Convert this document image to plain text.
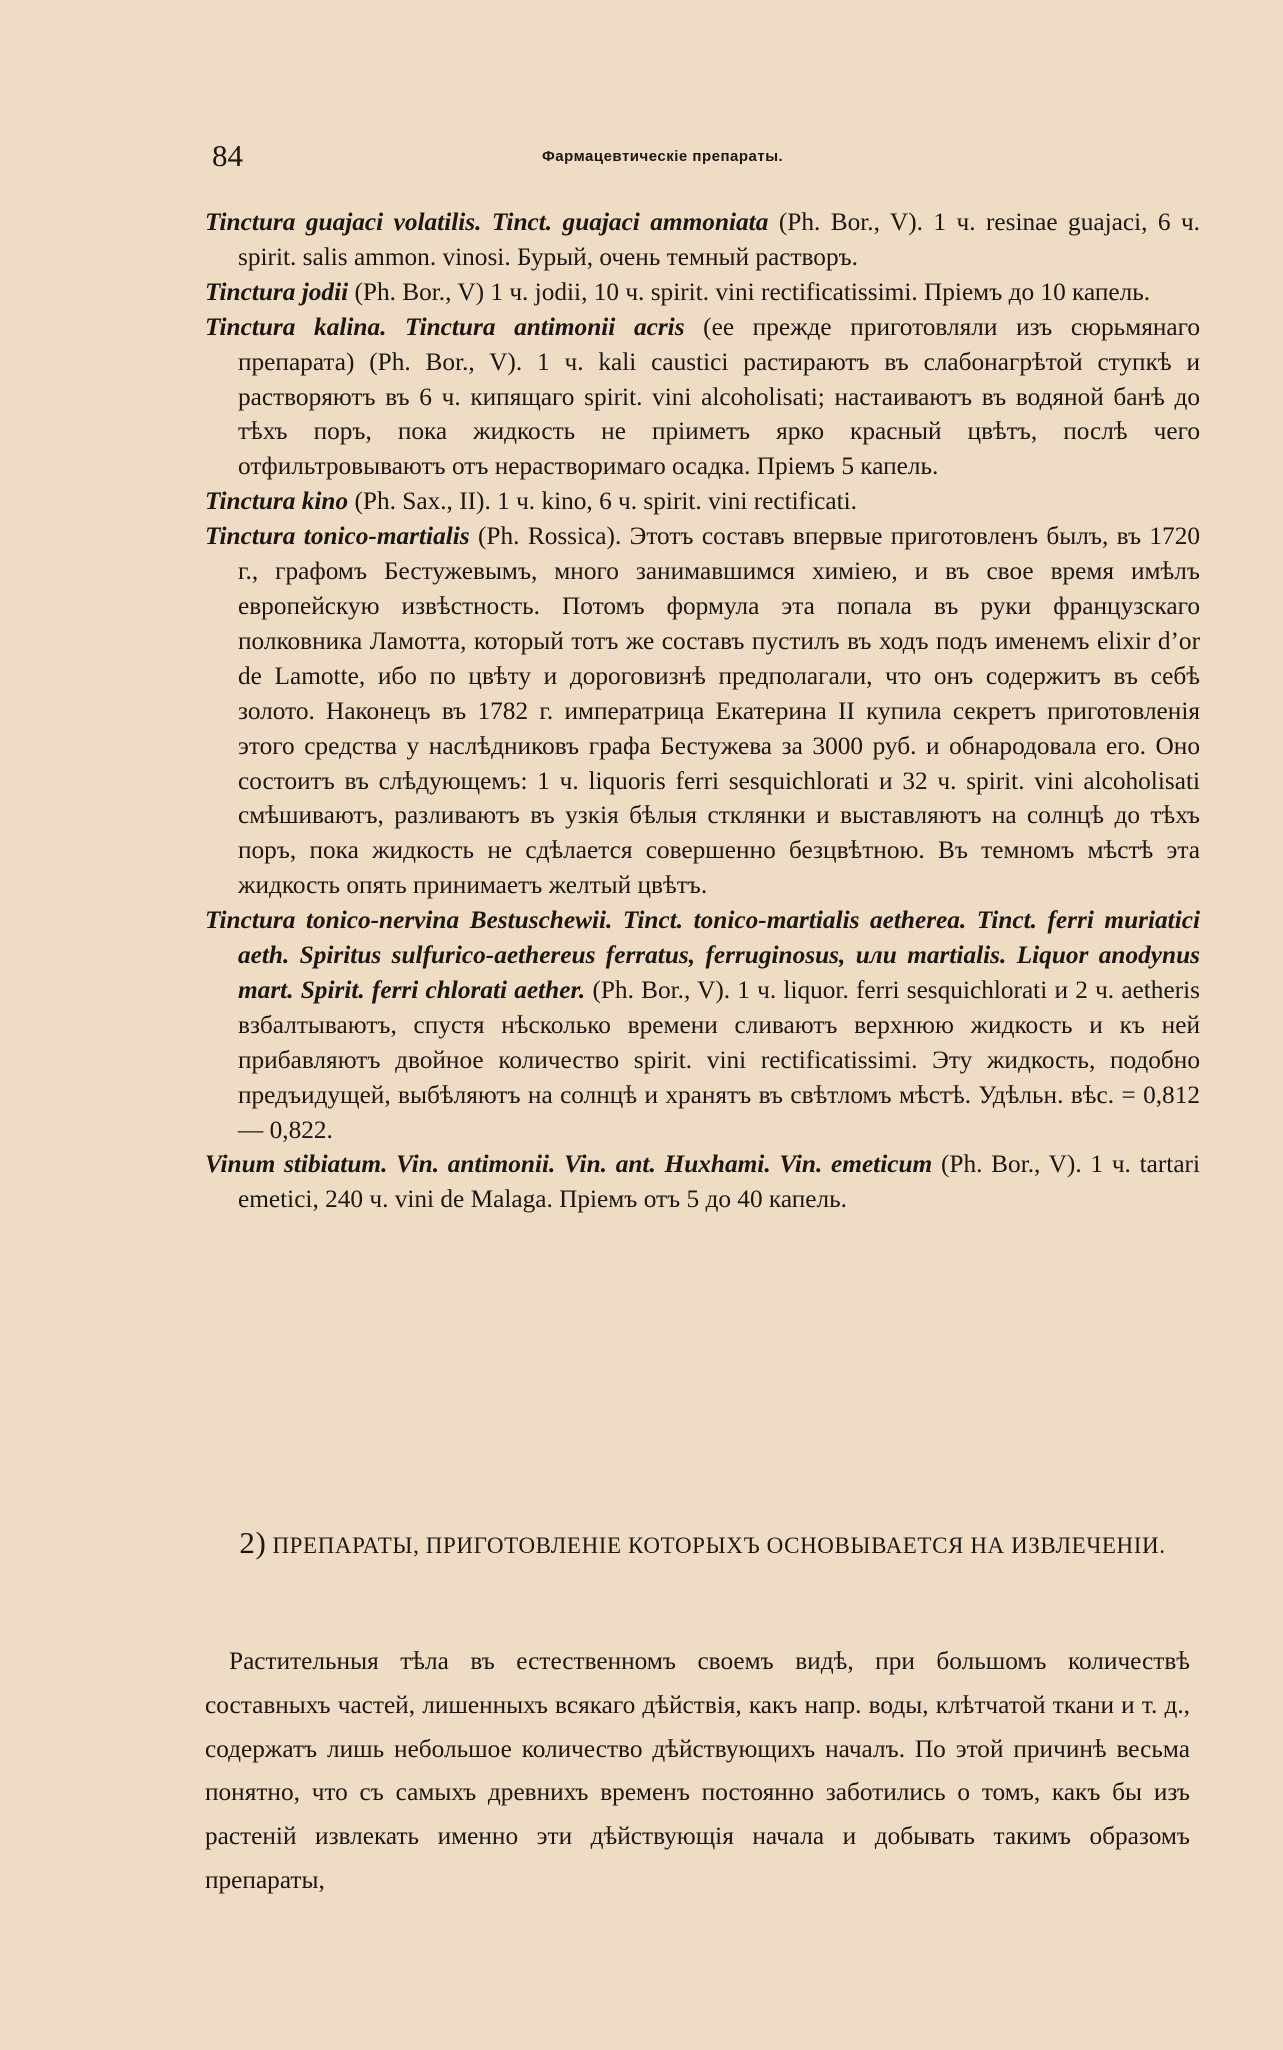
84	Фармацевтическіе препараты.

Tinctura guajaci volatilis. Tinct. guajaci ammoniata (Ph. Bor., V). 1 ч. resinae guajaci, 6 ч. spirit. salis ammon. vinosi. Бурый, очень темный растворъ.

Tinctura jodii (Ph. Bor., V) 1 ч. jodii, 10 ч. spirit. vini rectificatissimi. Пріемъ до 10 капель.

Tinctura kalina. Tinctura antimonii acris (ее прежде приготовляли изъ сюрьмянаго препарата) (Ph. Bor., V). 1 ч. kali caustici растираютъ въ слабонагрѣтой ступкѣ и растворяютъ въ 6 ч. кипящаго spirit. vini alcoholisati; настаиваютъ въ водяной банѣ до тѣхъ поръ, пока жидкость не пріиметъ ярко красный цвѣтъ, послѣ чего отфильтровываютъ отъ нерастворимаго осадка. Пріемъ 5 капель.

Tinctura kino (Ph. Sax., II). 1 ч. kino, 6 ч. spirit. vini rectificati.

Tinctura tonico-martialis (Ph. Rossica). Этотъ составъ впервые приготовленъ былъ, въ 1720 г., графомъ Бестужевымъ, много занимавшимся химіею, и въ свое время имѣлъ европейскую извѣстность. Потомъ формула эта попала въ руки французскаго полковника Ламотта, который тотъ же составъ пустилъ въ ходъ подъ именемъ elixir d’or de Lamotte, ибо по цвѣту и дороговизнѣ предполагали, что онъ содержитъ въ себѣ золото. Наконецъ въ 1782 г. императрица Екатерина II купила секретъ приготовленія этого средства у наслѣдниковъ графа Бестужева за 3000 руб. и обнародовала его. Оно состоитъ въ слѣдующемъ: 1 ч. liquoris ferri sesquichlorati и 32 ч. spirit. vini alcoholisati смѣшиваютъ, разливаютъ въ узкія бѣлыя стклянки и выставляютъ на солнцѣ до тѣхъ поръ, пока жидкость не сдѣлается совершенно безцвѣтною. Въ темномъ мѣстѣ эта жидкость опять принимаетъ желтый цвѣтъ.

Tinctura tonico-nervina Bestuschewii. Tinct. tonico-martialis aetherea. Tinct. ferri muriatici aeth. Spiritus sulfurico-aethereus ferratus, ferruginosus, или martialis. Liquor anodynus mart. Spirit. ferri chlorati aether. (Ph. Bor., V). 1 ч. liquor. ferri sesquichlorati и 2 ч. aetheris взбалтываютъ, спустя нѣсколько времени сливаютъ верхнюю жидкость и къ ней прибавляютъ двойное количество spirit. vini rectificatissimi. Эту жидкость, подобно предъидущей, выбѣляютъ на солнцѣ и хранятъ въ свѣтломъ мѣстѣ. Удѣльн. вѣс. = 0,812 — 0,822.

Vinum stibiatum. Vin. antimonii. Vin. ant. Huxhami. Vin. emeticum (Ph. Bor., V). 1 ч. tartari emetici, 240 ч. vini de Malaga. Пріемъ отъ 5 до 40 капель.

2) ПРЕПАРАТЫ, ПРИГОТОВЛЕНІЕ КОТОРЫХЪ ОСНОВЫВАЕТСЯ НА ИЗВЛЕЧЕНІИ.

Растительныя тѣла въ естественномъ своемъ видѣ, при большомъ количествѣ составныхъ частей, лишенныхъ всякаго дѣйствія, какъ напр. воды, клѣтчатой ткани и т. д., содержатъ лишь небольшое количество дѣйствующихъ началъ. По этой причинѣ весьма понятно, что съ самыхъ древнихъ временъ постоянно заботились о томъ, какъ бы изъ растеній извлекать именно эти дѣйствующія начала и добывать такимъ образомъ препараты,
